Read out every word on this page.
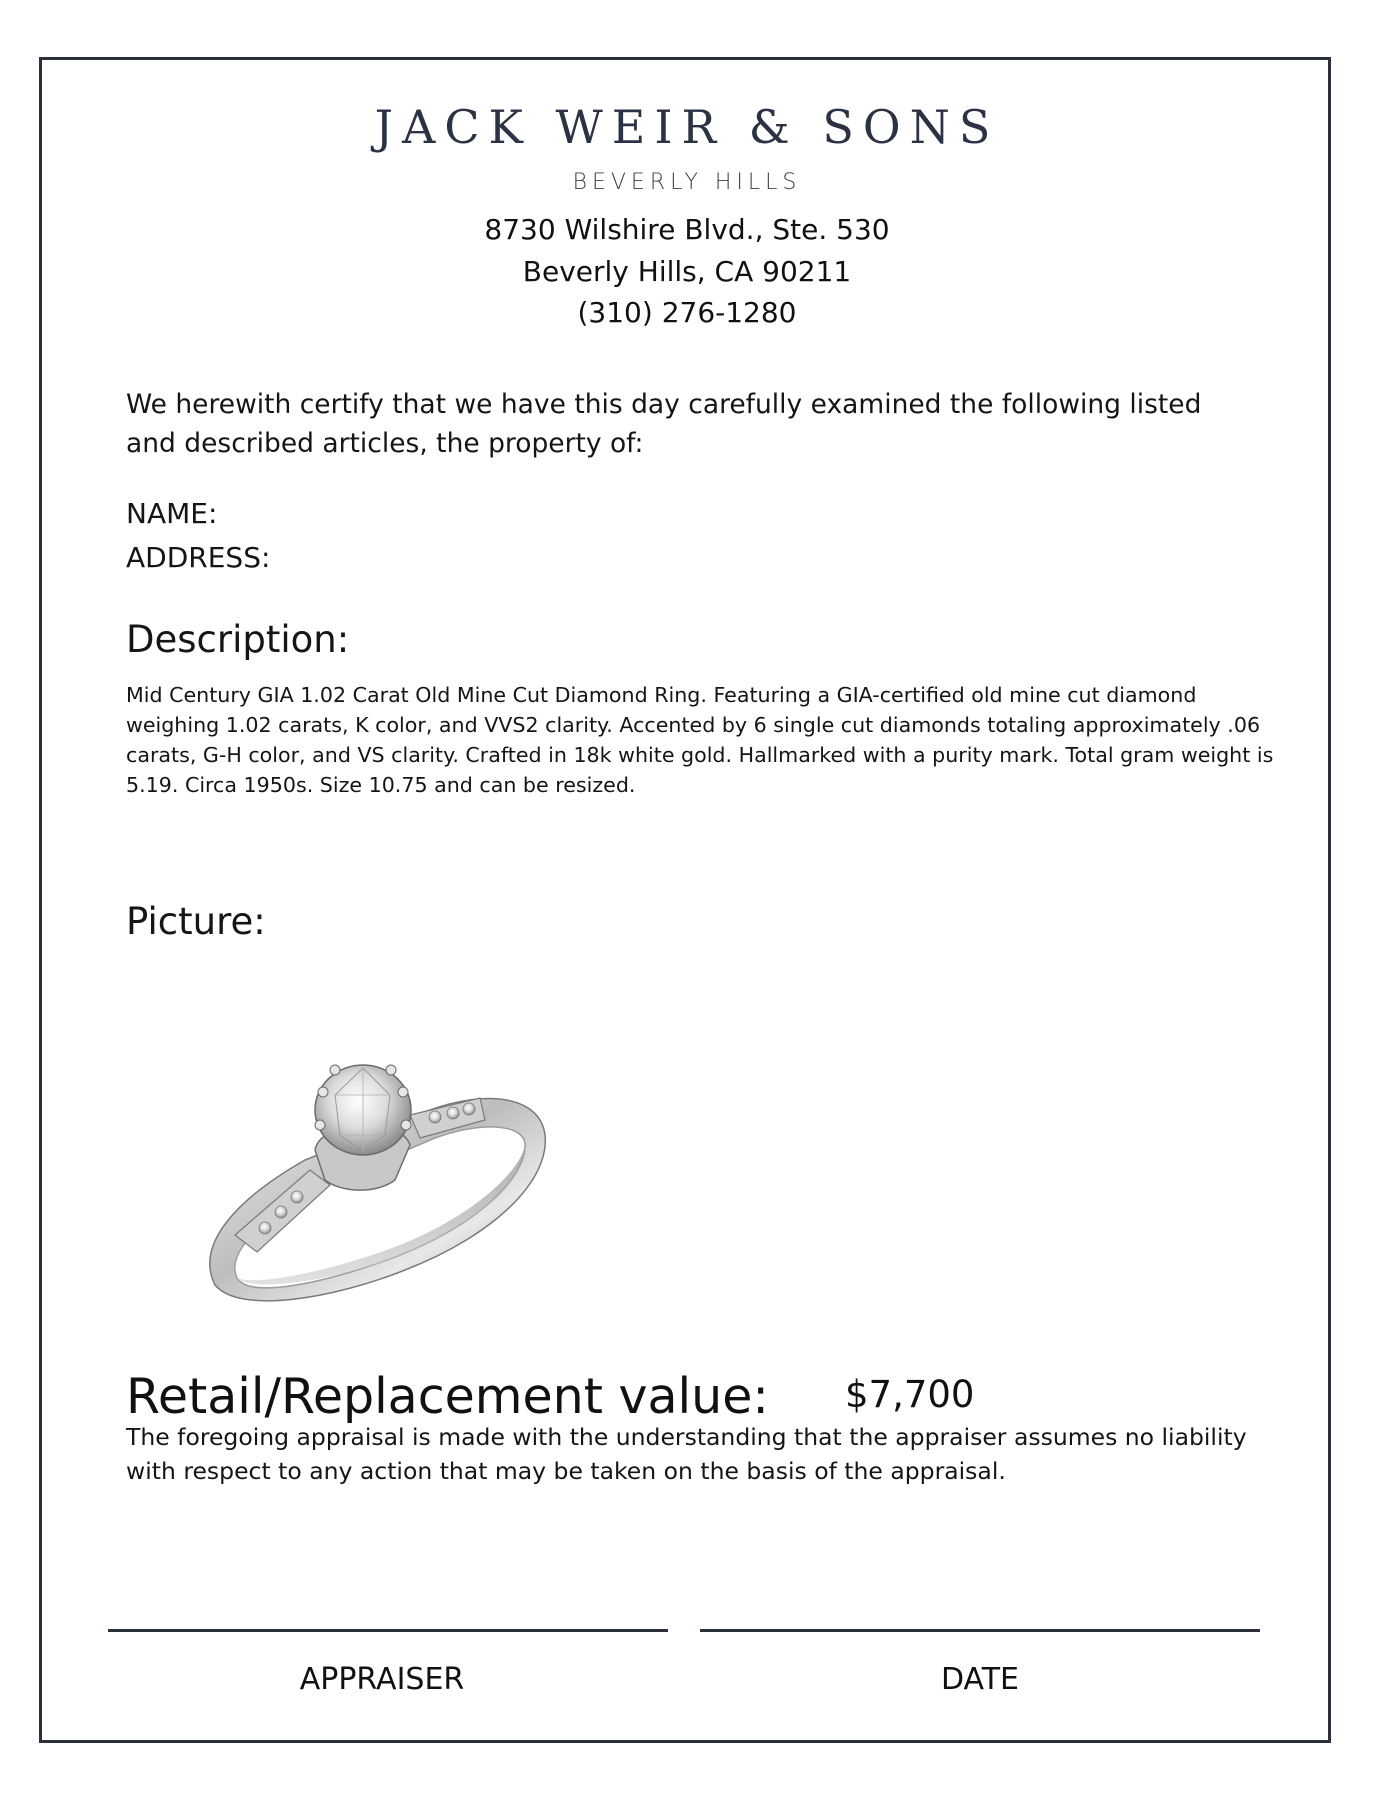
JACK WEIR & SONS
BEVERLY HILLS
8730 Wilshire Blvd., Ste. 530
Beverly Hills, CA 90211
(310) 276-1280
We herewith certify that we have this day carefully examined the following listed and described articles, the property of:
NAME:
ADDRESS:
Description:
Mid Century GIA 1.02 Carat Old Mine Cut Diamond Ring. Featuring a GIA-certified old mine cut diamond weighing 1.02 carats, K color, and VVS2 clarity. Accented by 6 single cut diamonds totaling approximately .06 carats, G-H color, and VS clarity. Crafted in 18k white gold. Hallmarked with a purity mark. Total gram weight is 5.19. Circa 1950s. Size 10.75 and can be resized.
Picture:
Retail/Replacement value: $7,700
The foregoing appraisal is made with the understanding that the appraiser assumes no liability with respect to any action that may be taken on the basis of the appraisal.
APPRAISER	DATE
